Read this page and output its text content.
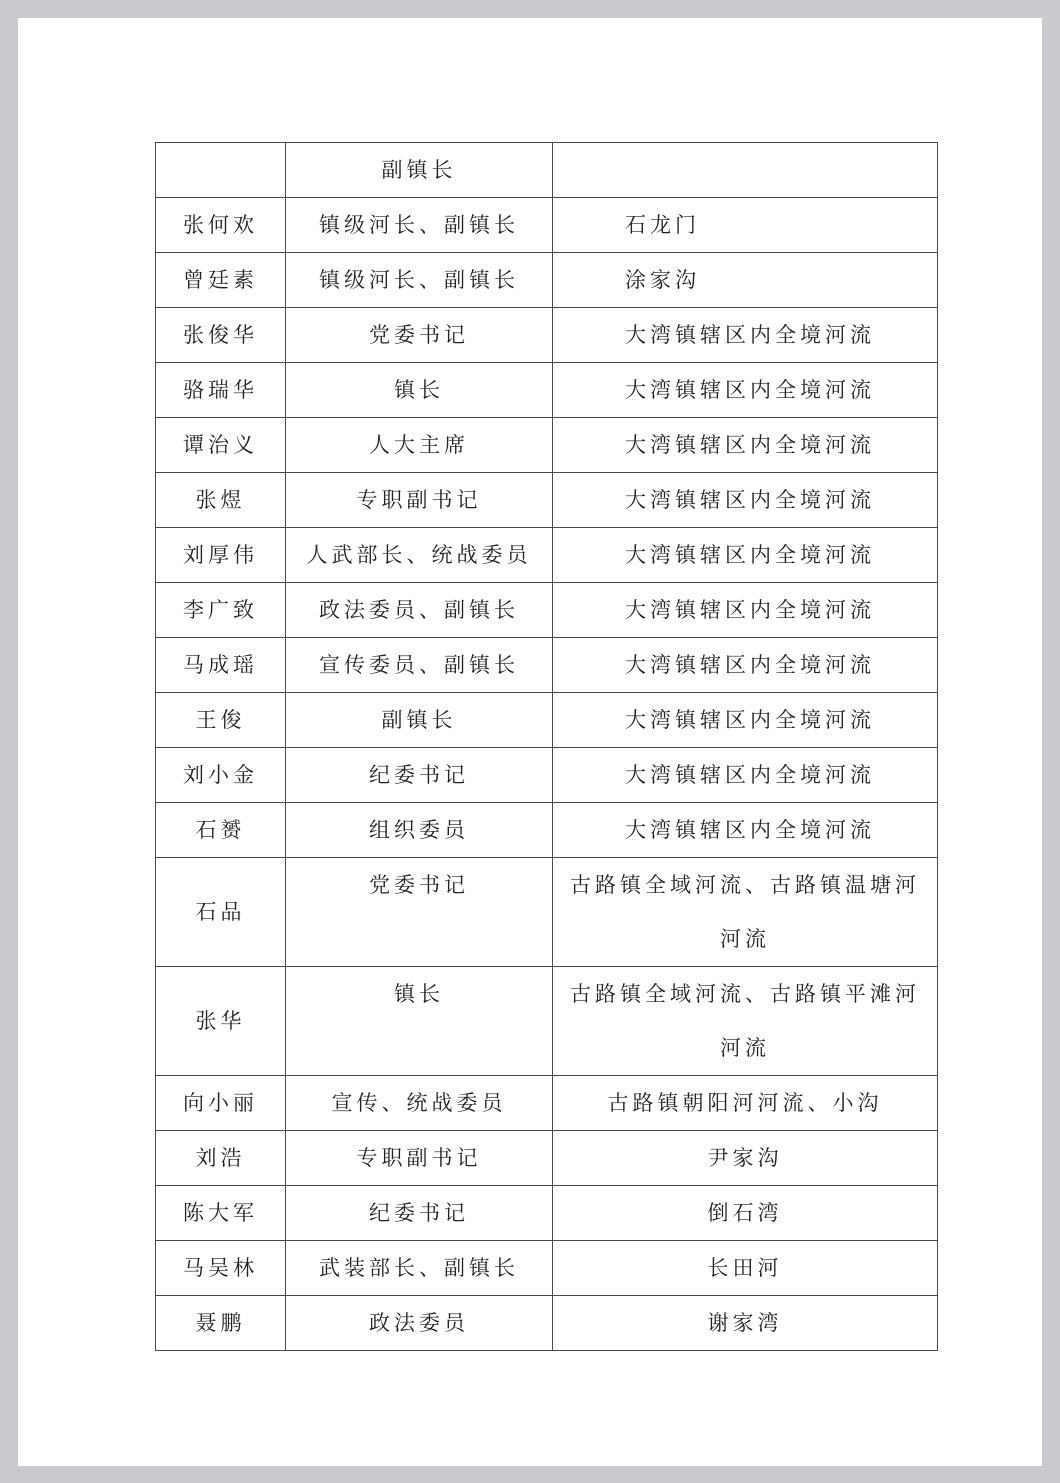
	副镇长	
张何欢	镇级河长、副镇长	石龙门
曾廷素	镇级河长、副镇长	涂家沟
张俊华	党委书记	大湾镇辖区内全境河流
骆瑞华	镇长	大湾镇辖区内全境河流
谭治义	人大主席	大湾镇辖区内全境河流
张煜	专职副书记	大湾镇辖区内全境河流
刘厚伟	人武部长、统战委员	大湾镇辖区内全境河流
李广致	政法委员、副镇长	大湾镇辖区内全境河流
马成瑶	宣传委员、副镇长	大湾镇辖区内全境河流
王俊	副镇长	大湾镇辖区内全境河流
刘小金	纪委书记	大湾镇辖区内全境河流
石赟	组织委员	大湾镇辖区内全境河流
石品	党委书记	古路镇全域河流、古路镇温塘河河流
张华	镇长	古路镇全域河流、古路镇平滩河河流
向小丽	宣传、统战委员	古路镇朝阳河河流、小沟
刘浩	专职副书记	尹家沟
陈大军	纪委书记	倒石湾
马吴林	武装部长、副镇长	长田河
聂鹏	政法委员	谢家湾
